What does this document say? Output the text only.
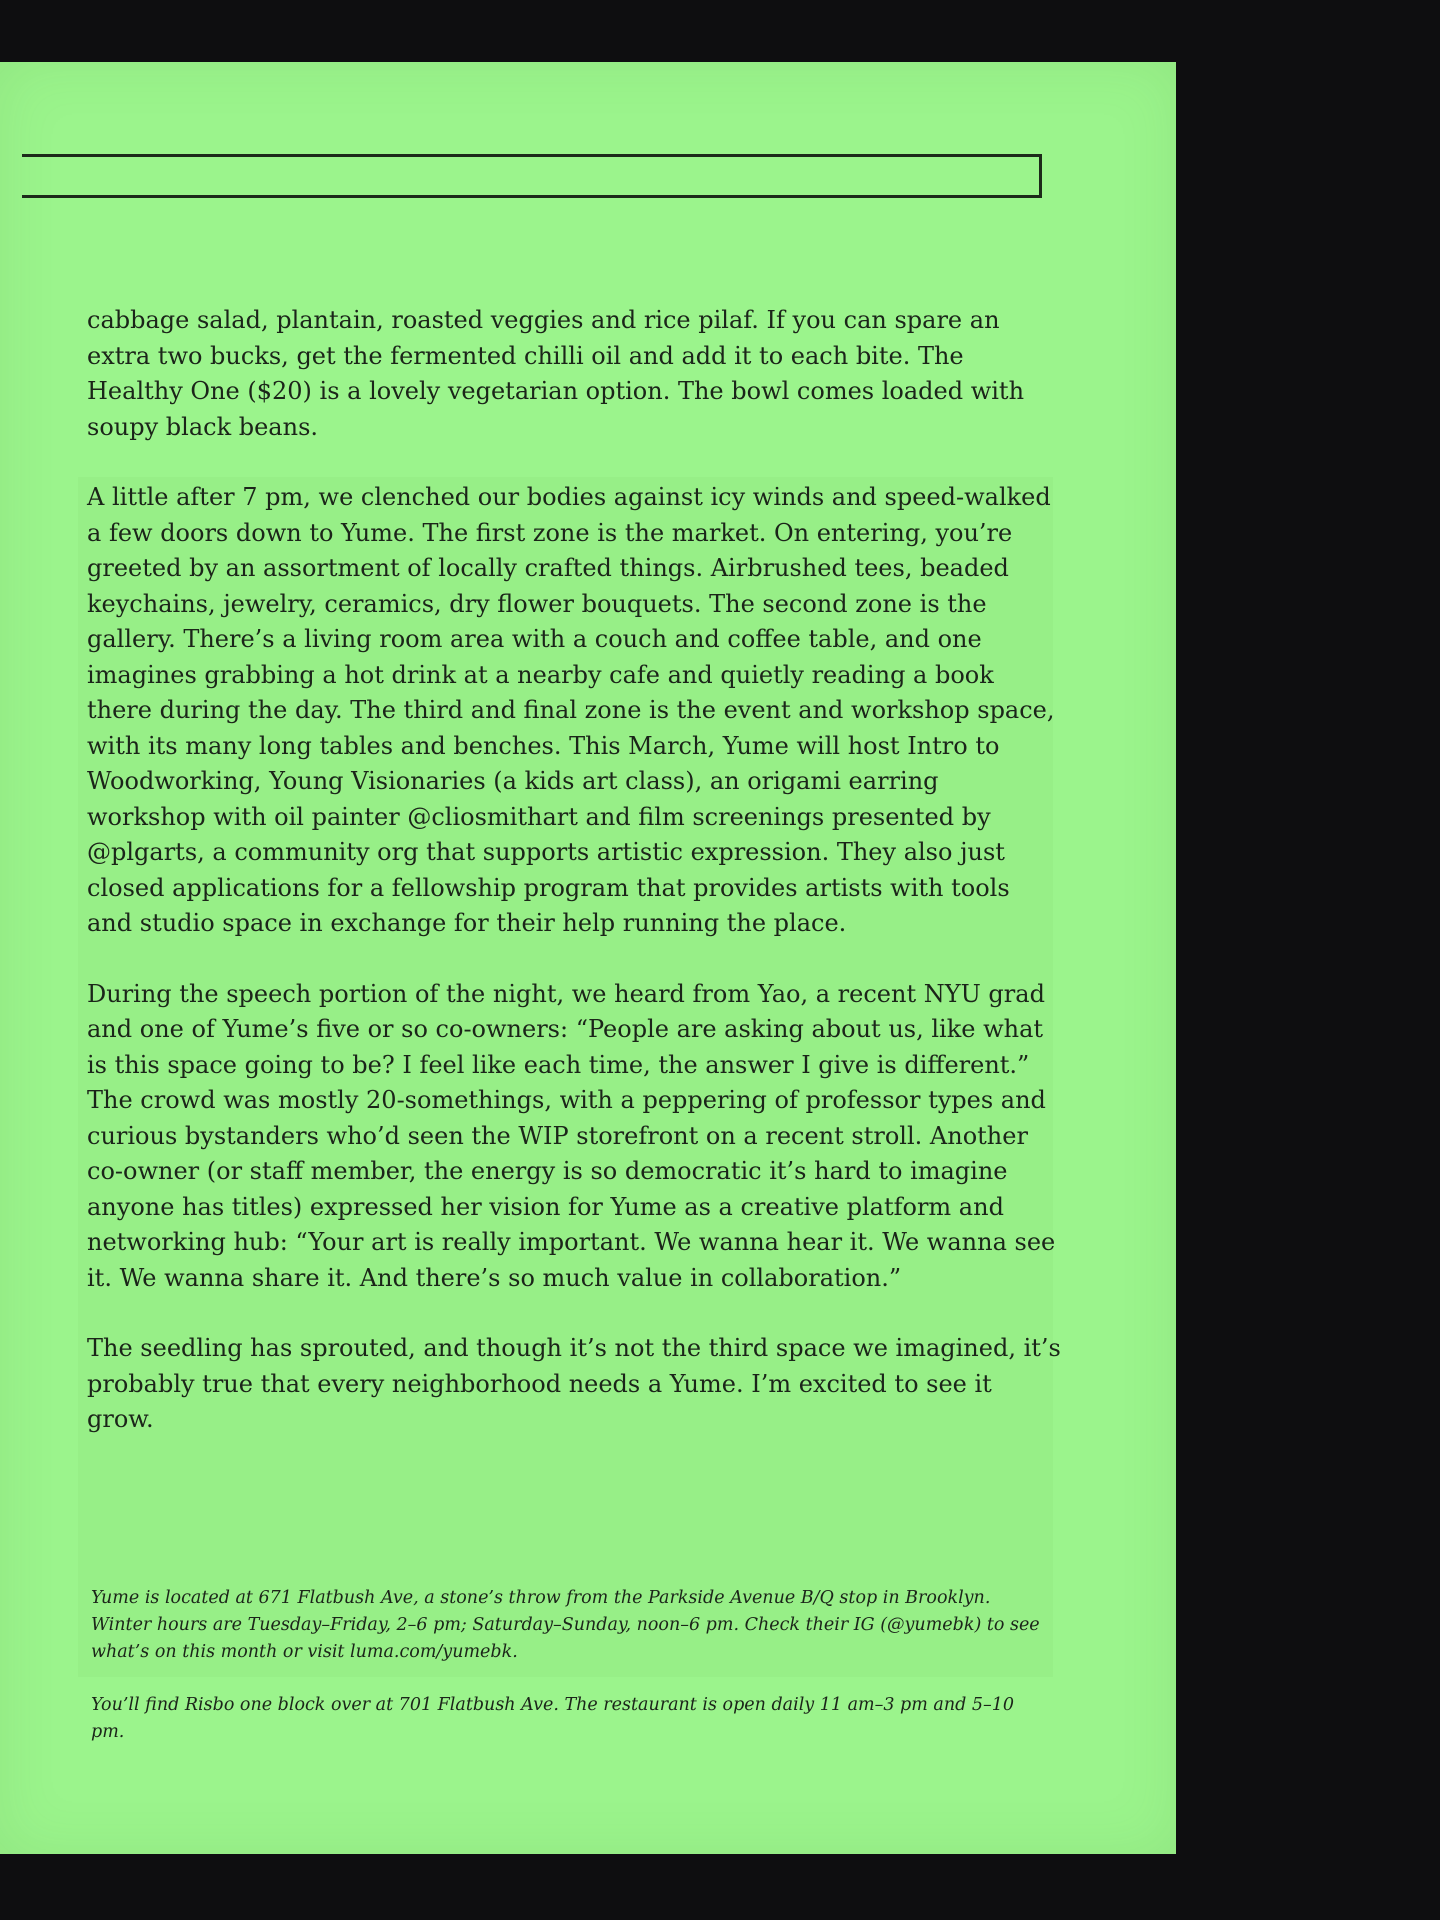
cabbage salad, plantain, roasted veggies and rice pilaf. If you can spare an extra two bucks, get the fermented chilli oil and add it to each bite. The Healthy One ($20) is a lovely vegetarian option. The bowl comes loaded with soupy black beans.

A little after 7 pm, we clenched our bodies against icy winds and speed-walked a few doors down to Yume. The first zone is the market. On entering, you’re greeted by an assortment of locally crafted things. Airbrushed tees, beaded keychains, jewelry, ceramics, dry flower bouquets. The second zone is the gallery. There’s a living room area with a couch and coffee table, and one imagines grabbing a hot drink at a nearby cafe and quietly reading a book there during the day. The third and final zone is the event and workshop space, with its many long tables and benches. This March, Yume will host Intro to Woodworking, Young Visionaries (a kids art class), an origami earring workshop with oil painter @cliosmithart and film screenings presented by @plgarts, a community org that supports artistic expression. They also just closed applications for a fellowship program that provides artists with tools and studio space in exchange for their help running the place.

During the speech portion of the night, we heard from Yao, a recent NYU grad and one of Yume’s five or so co-owners: “People are asking about us, like what is this space going to be? I feel like each time, the answer I give is different.” The crowd was mostly 20-somethings, with a peppering of professor types and curious bystanders who’d seen the WIP storefront on a recent stroll. Another co-owner (or staff member, the energy is so democratic it’s hard to imagine anyone has titles) expressed her vision for Yume as a creative platform and networking hub: “Your art is really important. We wanna hear it. We wanna see it. We wanna share it. And there’s so much value in collaboration.”

The seedling has sprouted, and though it’s not the third space we imagined, it’s probably true that every neighborhood needs a Yume. I’m excited to see it grow.

Yume is located at 671 Flatbush Ave, a stone’s throw from the Parkside Avenue B/Q stop in Brooklyn. Winter hours are Tuesday–Friday, 2–6 pm; Saturday–Sunday, noon–6 pm. Check their IG (@yumebk) to see what’s on this month or visit luma.com/yumebk.

You’ll find Risbo one block over at 701 Flatbush Ave. The restaurant is open daily 11 am–3 pm and 5–10 pm.
